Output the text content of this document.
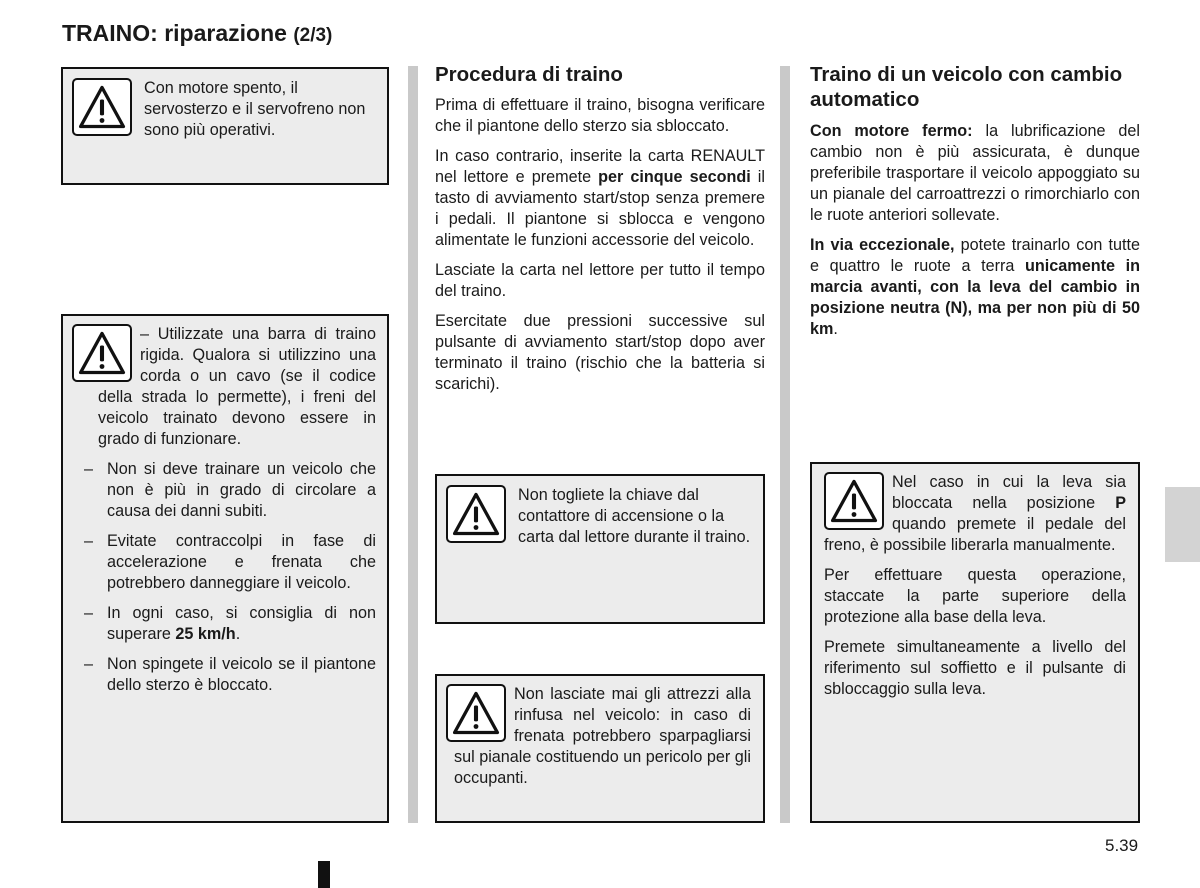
TRAINO: riparazione (2/3)
Con motore spento, il servosterzo e il servofreno non sono più operativi.

– Utilizzate una barra di traino rigida. Qualora si utilizzino una corda o un cavo (se il codice della strada lo permette), i freni del veicolo trainato devono essere in grado di funzionare.

– Non si deve trainare un veicolo che non è più in grado di circolare a causa dei danni subiti.
– Evitate contraccolpi in fase di accelerazione e frenata che potrebbero danneggiare il veicolo.
– In ogni caso, si consiglia di non superare 25 km/h.
– Non spingete il veicolo se il piantone dello sterzo è bloccato.
Procedura di traino

Prima di effettuare il traino, bisogna verificare che il piantone dello sterzo sia sbloccato.

In caso contrario, inserite la carta RENAULT nel lettore e premete per cinque secondi il tasto di avviamento start/stop senza premere i pedali. Il piantone si sblocca e vengono alimentate le funzioni accessorie del veicolo.

Lasciate la carta nel lettore per tutto il tempo del traino.

Esercitate due pressioni successive sul pulsante di avviamento start/stop dopo aver terminato il traino (rischio che la batteria si scarichi).

Non togliete la chiave dal contattore di accensione o la carta dal lettore durante il traino.

Non lasciate mai gli attrezzi alla rinfusa nel veicolo: in caso di frenata potrebbero sparpagliarsi sul pianale costituendo un pericolo per gli occupanti.

Traino di un veicolo con cambio automatico

Con motore fermo: la lubrificazione del cambio non è più assicurata, è dunque preferibile trasportare il veicolo appoggiato su un pianale del carroattrezzi o rimorchiarlo con le ruote anteriori sollevate.

In via eccezionale, potete trainarlo con tutte e quattro le ruote a terra unicamente in marcia avanti, con la leva del cambio in posizione neutra (N), ma per non più di 50 km.

Nel caso in cui la leva sia bloccata nella posizione P quando premete il pedale del freno, è possibile liberarla manualmente.

Per effettuare questa operazione, staccate la parte superiore della protezione alla base della leva.

Premete simultaneamente a livello del riferimento sul soffietto e il pulsante di sbloccaggio sulla leva.

5.39
